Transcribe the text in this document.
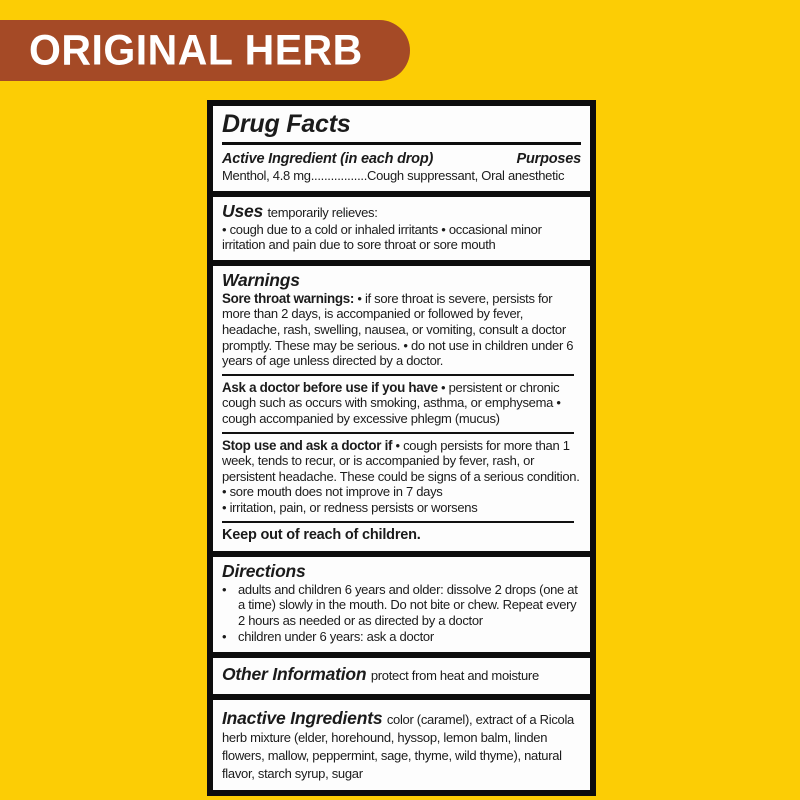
ORIGINAL HERB
Drug Facts
Active Ingredient (in each drop)	Purposes
Menthol, 4.8 mg.................Cough suppressant, Oral anesthetic
Uses temporarily relieves:
• cough due to a cold or inhaled irritants • occasional minor irritation and pain due to sore throat or sore mouth
Warnings

Sore throat warnings: • if sore throat is severe, persists for more than 2 days, is accompanied or followed by fever, headache, rash, swelling, nausea, or vomiting, consult a doctor promptly. These may be serious. • do not use in children under 6 years of age unless directed by a doctor.

Ask a doctor before use if you have • persistent or chronic cough such as occurs with smoking, asthma, or emphysema • cough accompanied by excessive phlegm (mucus)

Stop use and ask a doctor if • cough persists for more than 1 week, tends to recur, or is accompanied by fever, rash, or persistent headache. These could be signs of a serious condition. • sore mouth does not improve in 7 days

• irritation, pain, or redness persists or worsens
Keep out of reach of children.
Directions
• adults and children 6 years and older: dissolve 2 drops (one at a time) slowly in the mouth. Do not bite or chew. Repeat every 2 hours as needed or as directed by a doctor
• children under 6 years: ask a doctor
Other Information protect from heat and moisture
Inactive Ingredients color (caramel), extract of a Ricola herb mixture (elder, horehound, hyssop, lemon balm, linden flowers, mallow, peppermint, sage, thyme, wild thyme), natural flavor, starch syrup, sugar
